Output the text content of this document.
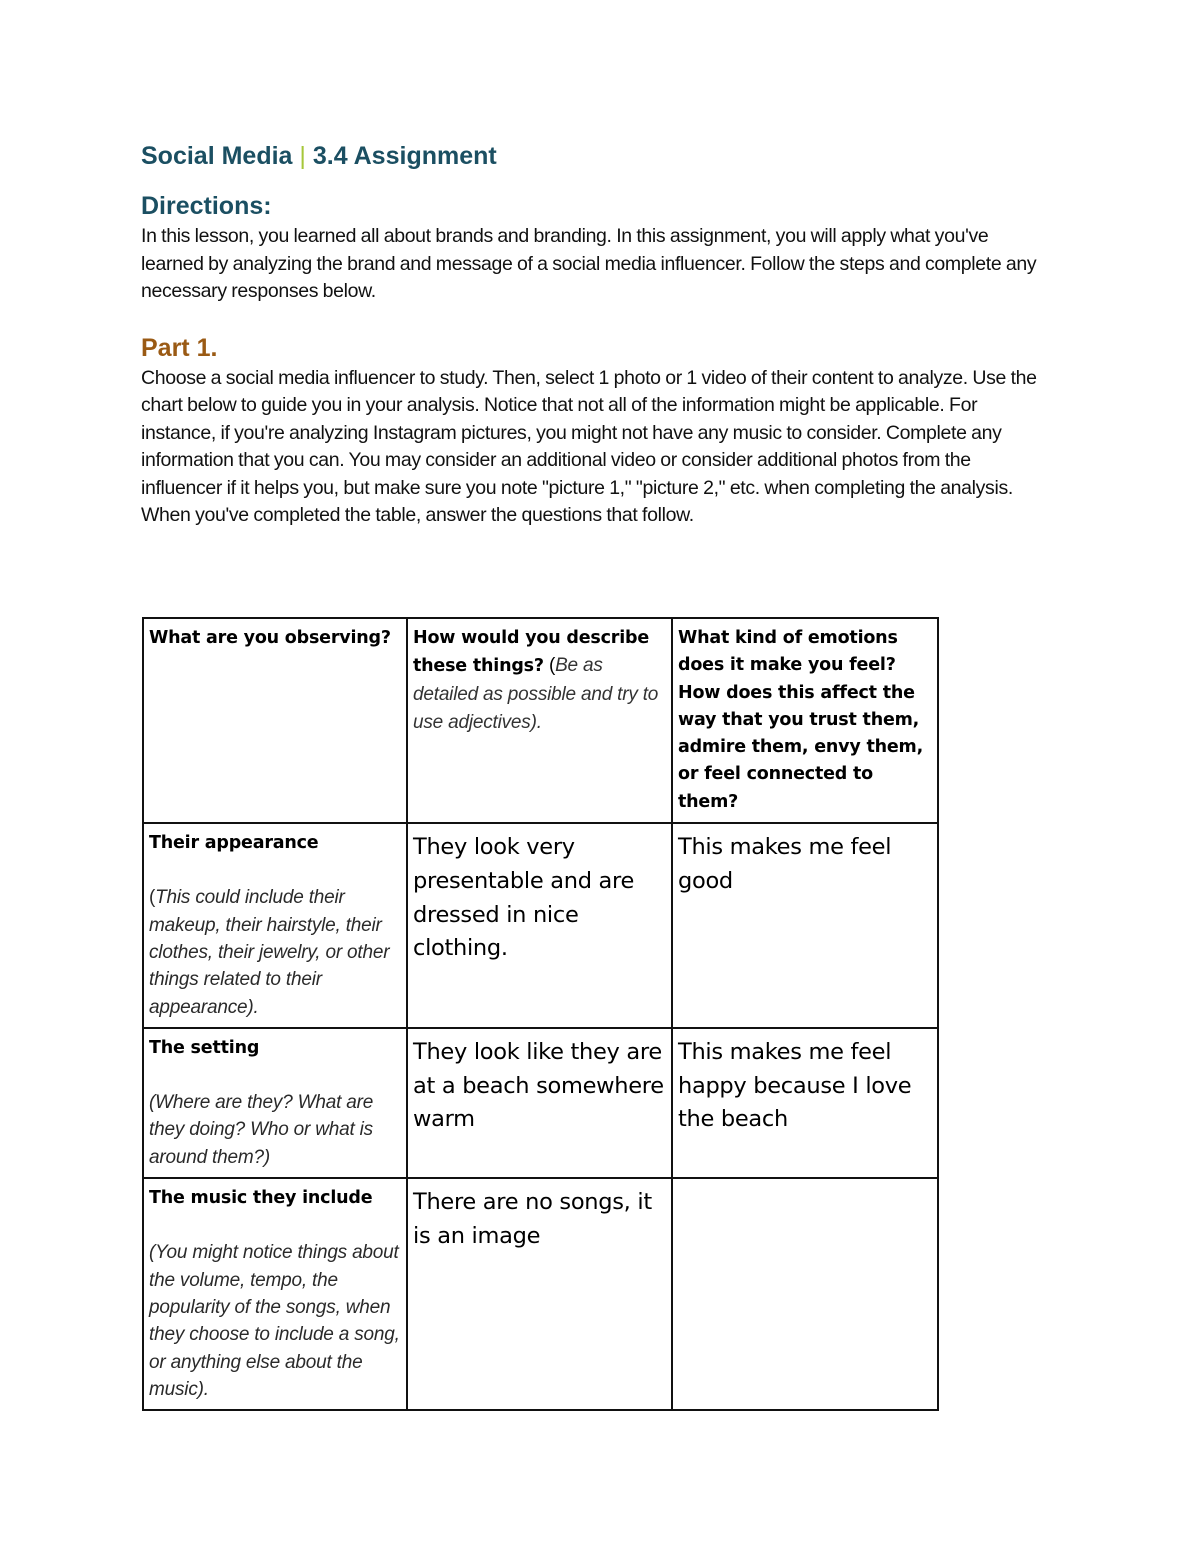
Social Media | 3.4 Assignment
Directions:

In this lesson, you learned all about brands and branding. In this assignment, you will apply what you've learned by analyzing the brand and message of a social media influencer. Follow the steps and complete any necessary responses below.

Part 1.

Choose a social media influencer to study. Then, select 1 photo or 1 video of their content to analyze. Use the chart below to guide you in your analysis. Notice that not all of the information might be applicable. For instance, if you're analyzing Instagram pictures, you might not have any music to consider. Complete any information that you can. You may consider an additional video or consider additional photos from the influencer if it helps you, but make sure you note "picture 1," "picture 2," etc. when completing the analysis. When you've completed the table, answer the questions that follow.

What are you observing?	How would you describe these things? (Be as detailed as possible and try to use adjectives).	What kind of emotions does it make you feel? How does this affect the way that you trust them, admire them, envy them, or feel connected to them?

Their appearance
(This could include their makeup, their hairstyle, their clothes, their jewelry, or other things related to their appearance).	They look very presentable and are dressed in nice clothing.	This makes me feel good

The setting
(Where are they? What are they doing? Who or what is around them?)	They look like they are at a beach somewhere warm	This makes me feel happy because I love the beach

The music they include
(You might notice things about the volume, tempo, the popularity of the songs, when they choose to include a song, or anything else about the music).	There are no songs, it is an image	
